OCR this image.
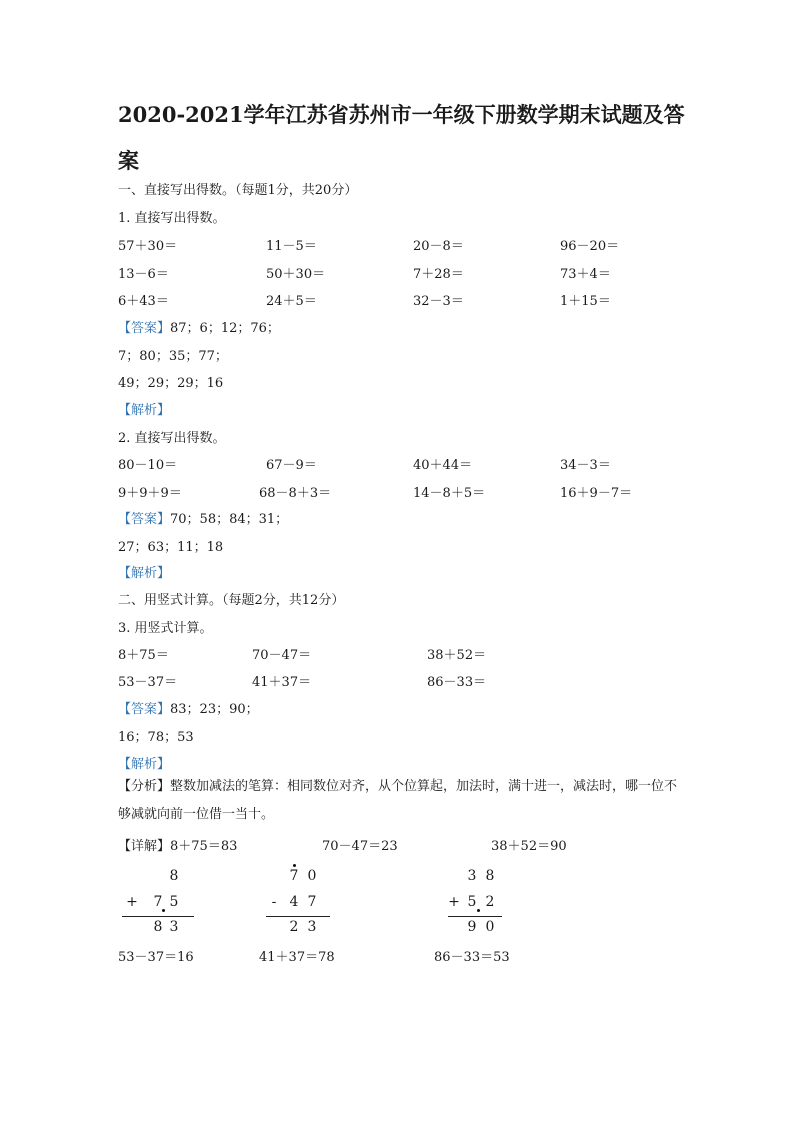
2020-2021学年江苏省苏州市一年级下册数学期末试题及答案
一、直接写出得数。（每题1分，共20分）
1. 直接写出得数。
57＋30＝	11－5＝	20－8＝	96－20＝
13－6＝	50＋30＝	7＋28＝	73＋4＝
6＋43＝	24＋5＝	32－3＝	1＋15＝
【答案】87；6；12；76；
7；80；35；77；
49；29；29；16
【解析】
2. 直接写出得数。
80－10＝	67－9＝	40＋44＝	34－3＝
9＋9＋9＝	68－8＋3＝	14－8＋5＝	16＋9－7＝
【答案】70；58；84；31；
27；63；11；18
【解析】
二、用竖式计算。（每题2分，共12分）
3. 用竖式计算。
8＋75＝	70－47＝	38＋52＝
53－37＝	41＋37＝	86－33＝
【答案】83；23；90；
16；78；53
【解析】
【分析】整数加减法的笔算：相同数位对齐，从个位算起，加法时，满十进一，减法时，哪一位不够减就向前一位借一当十。
【详解】8＋75＝83	70－47＝23	38＋52＝90
8
+	7 5
8 3
7 0
- 4 7
2 3
3 8
+ 5 2
9 0
53－37＝16	41＋37＝78	86－33＝53
